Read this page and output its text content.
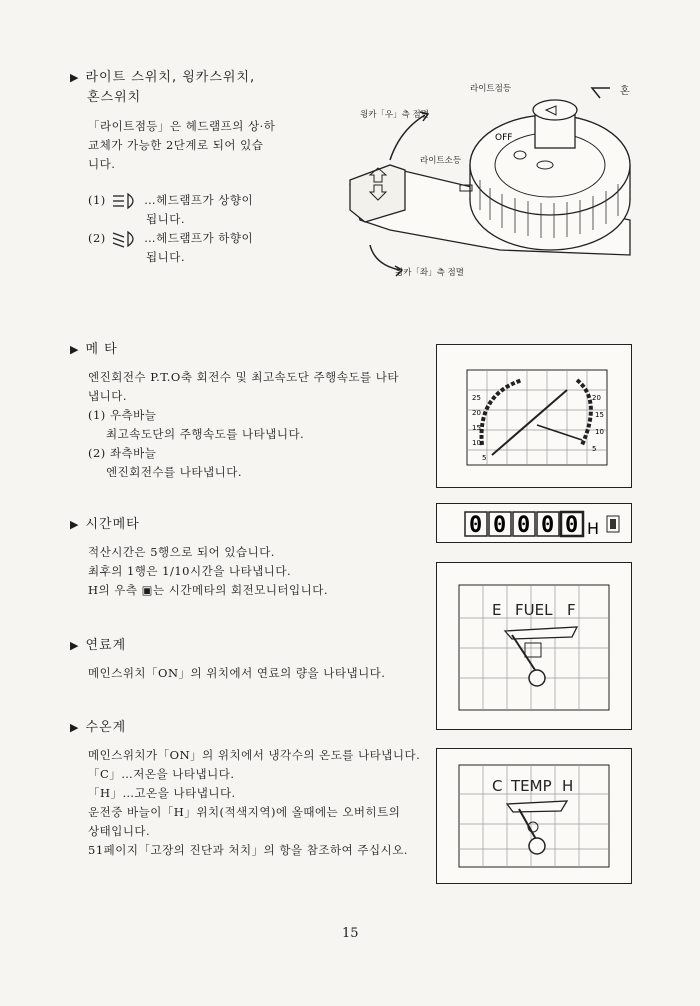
▶ 라이트 스위치, 윙카스위치,
혼스위치
「라이트점등」은 헤드램프의 상·하
교체가 가능한 2단계로 되어 있습
니다.
(1)	…헤드램프가 상향이
됩니다.
(2)	…헤드램프가 하향이
됩니다.
OFF
라이트점등	혼
윙카「우」측 점멸
라이트소등
윙카「좌」측 점멸
▶ 메 타
엔진회전수 P.T.O축 회전수 및 최고속도단 주행속도를 나타
냅니다.
(1) 우측바늘
최고속도단의 주행속도를 나타냅니다.
(2) 좌측바늘
엔진회전수를 나타냅니다.
25
20
15
10
5
20
15
10
5
▶ 시간메타
적산시간은 5행으로 되어 있습니다.
최후의 1행은 1/10시간을 나타냅니다.
H의 우측 ▣는 시간메타의 회전모니터입니다.
0 0 0 0 0 H
▶ 연료계
메인스위치「ON」의 위치에서 연료의 량을 나타냅니다.
E FUEL F
▶ 수온계
메인스위치가「ON」의 위치에서 냉각수의 온도를 나타냅니다.
「C」…저온을 나타냅니다.
「H」…고온을 나타냅니다.
운전중 바늘이「H」위치(적색지역)에 올때에는 오버히트의
상태입니다.
51페이지「고장의 진단과 처치」의 항을 참조하여 주십시오.
C TEMP H
15
